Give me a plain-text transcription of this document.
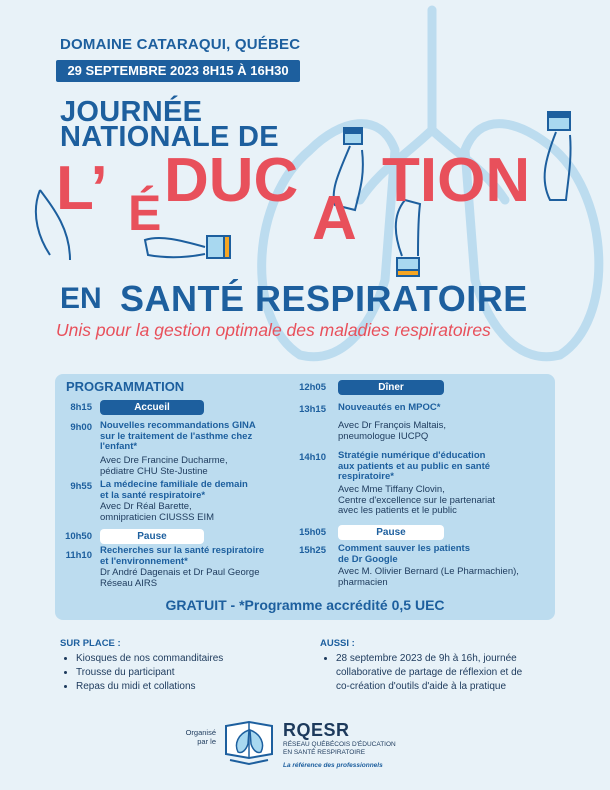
DOMAINE CATARAQUI, QUÉBEC
29 SEPTEMBRE 2023 8H15 À 16H30
JOURNÉE
NATIONALE DE
L’ É DUC
A
TION
EN SANTÉ RESPIRATOIRE
Unis pour la gestion optimale des maladies respiratoires
PROGRAMMATION
8h15	Accueil
9h00 Nouvelles recommandations GINA
sur le traitement de l'asthme chez
l'enfant*
Avec Dre Francine Ducharme,
pédiatre CHU Ste-Justine
9h55 La médecine familiale de demain
et la santé respiratoire*
Avec Dr Réal Barette,
omnipraticien CIUSSS EIM
10h50	Pause
11h10 Recherches sur la santé respiratoire
et l'environnement*
Dr André Dagenais et Dr Paul George
Réseau AIRS
12h05	Dîner
13h15 Nouveautés en MPOC*
Avec Dr François Maltais,
pneumologue IUCPQ
14h10 Stratégie numérique d'éducation
aux patients et au public en santé
respiratoire*
Avec Mme Tiffany Clovin,
Centre d'excellence sur le partenariat
avec les patients et le public
15h05	Pause
15h25 Comment sauver les patients
de Dr Google
Avec M. Olivier Bernard (Le Pharmachien),
pharmacien
GRATUIT - *Programme accrédité 0,5 UEC
SUR PLACE :
• Kiosques de nos commanditaires
• Trousse du participant
• Repas du midi et collations
AUSSI :
• 28 septembre 2023 de 9h à 16h, journée
collaborative de partage de réflexion et de
co-création d'outils d'aide à la pratique
Organisé
par le
RQESR
RÉSEAU QUÉBÉCOIS D'ÉDUCATION
EN SANTÉ RESPIRATOIRE
La référence des professionnels
